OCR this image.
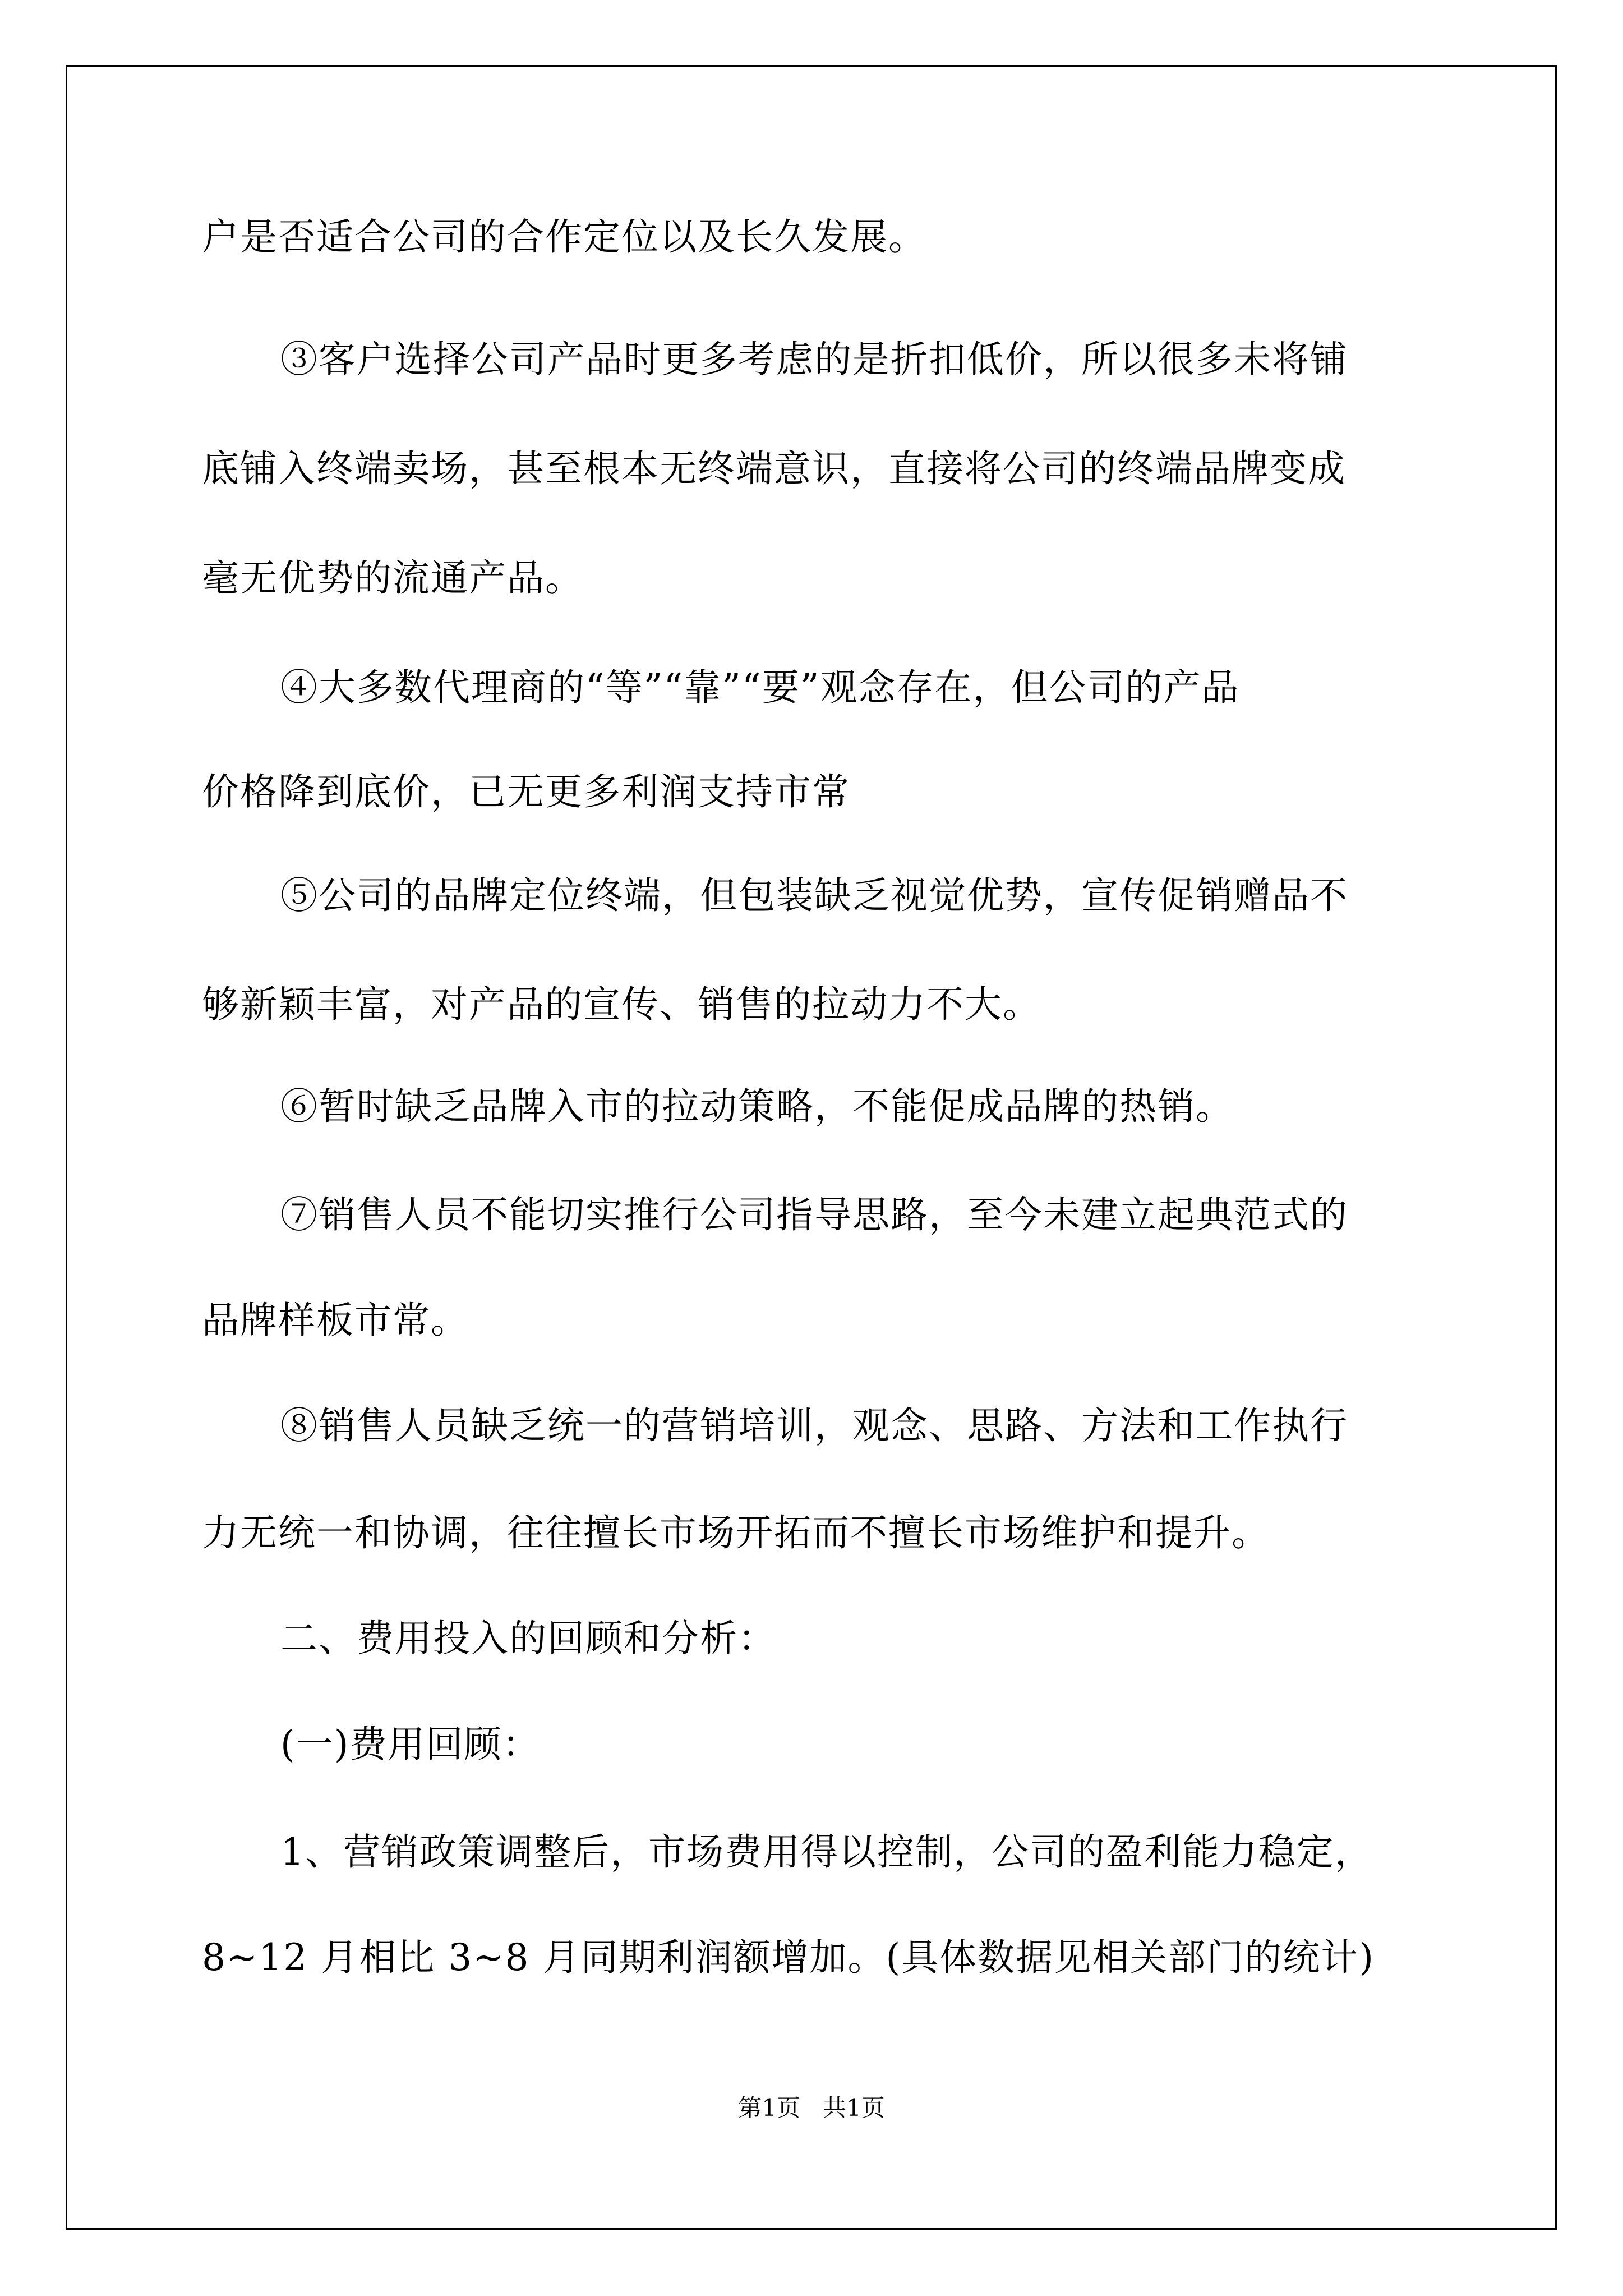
户是否适合公司的合作定位以及长久发展。
③客户选择公司产品时更多考虑的是折扣低价，所以很多未将铺
底铺入终端卖场，甚至根本无终端意识，直接将公司的终端品牌变成
毫无优势的流通产品。
④大多数代理商的“等”“靠”“要”观念存在，但公司的产品
价格降到底价，已无更多利润支持市常
⑤公司的品牌定位终端，但包装缺乏视觉优势，宣传促销赠品不
够新颖丰富，对产品的宣传、销售的拉动力不大。
⑥暂时缺乏品牌入市的拉动策略，不能促成品牌的热销。
⑦销售人员不能切实推行公司指导思路，至今未建立起典范式的
品牌样板市常。
⑧销售人员缺乏统一的营销培训，观念、思路、方法和工作执行
力无统一和协调，往往擅长市场开拓而不擅长市场维护和提升。
二、费用投入的回顾和分析：
(一)费用回顾：
1、营销政策调整后，市场费用得以控制，公司的盈利能力稳定，
8~12 月相比 3~8 月同期利润额增加。(具体数据见相关部门的统计)
第1页 共1页
